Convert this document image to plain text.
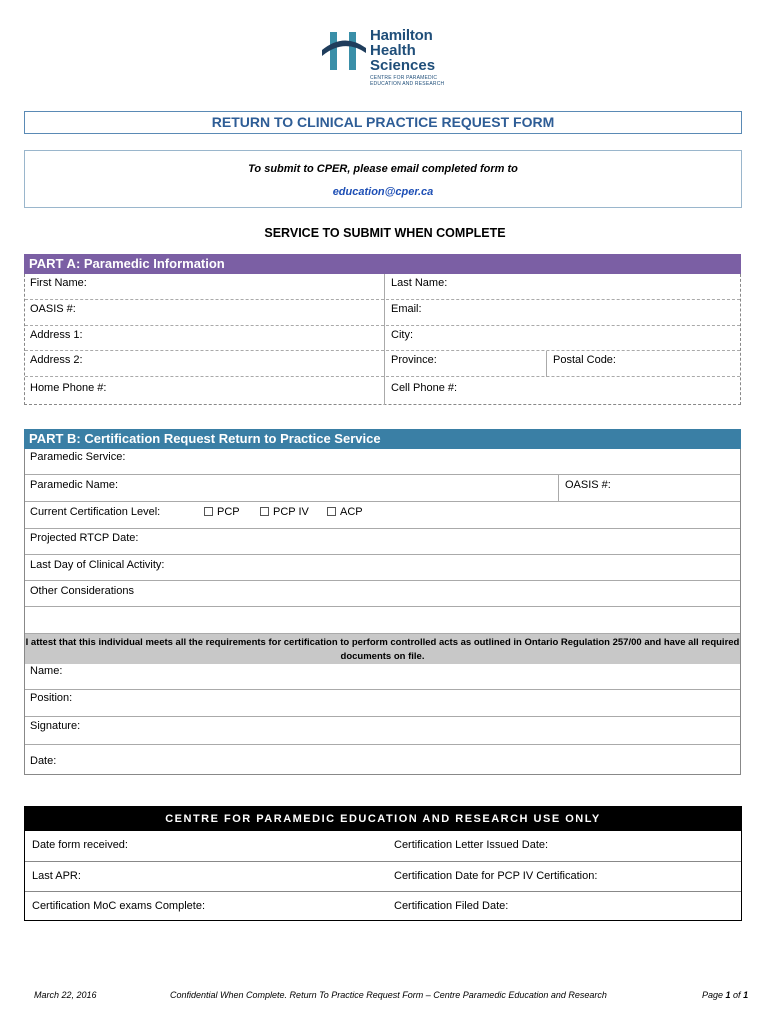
Hamilton
Health
Sciences
CENTRE FOR PARAMEDIC EDUCATION AND RESEARCH
RETURN TO CLINICAL PRACTICE REQUEST FORM
To submit to CPER, please email completed form to
education@cper.ca
SERVICE TO SUBMIT WHEN COMPLETE
PART A: Paramedic Information
First Name:	Last Name:
OASIS #:	Email:
Address 1:	City:
Address 2:	Province:	Postal Code:
Home Phone #:	Cell Phone #:
PART B: Certification Request Return to Practice Service
Paramedic Service:
Paramedic Name:	OASIS #:
Current Certification Level:	PCP	PCP IV	ACP
Projected RTCP Date:
Last Day of Clinical Activity:
Other Considerations
I attest that this individual meets all the requirements for certification to perform controlled acts as outlined in Ontario Regulation 257/00 and have all required documents on file.
Name:
Position:
Signature:
Date:
CENTRE FOR PARAMEDIC EDUCATION AND RESEARCH USE ONLY
Date form received:	Certification Letter Issued Date:
Last APR:	Certification Date for PCP IV Certification:
Certification MoC exams Complete:	Certification Filed Date:
March 22, 2016	Confidential When Complete. Return To Practice Request Form – Centre Paramedic Education and Research	Page 1 of 1
